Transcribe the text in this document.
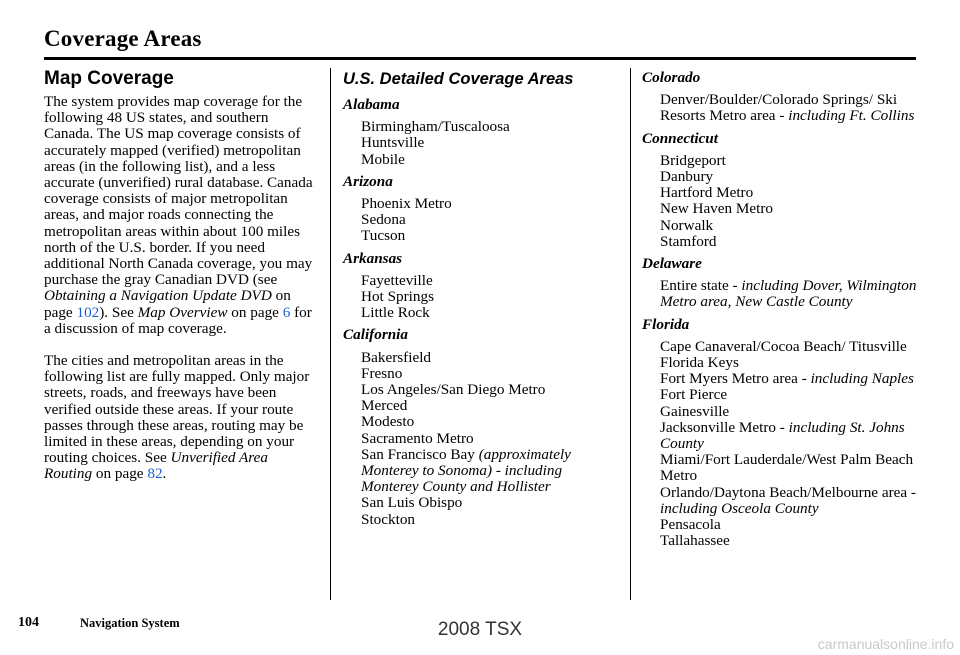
Coverage Areas
Map Coverage

The system provides map coverage for the following 48 US states, and southern Canada. The US map coverage consists of accurately mapped (verified) metropolitan areas (in the following list), and a less accurate (unverified) rural database. Canada coverage consists of major metropolitan areas, and major roads connecting the metropolitan areas within about 100 miles north of the U.S. border. If you need additional North Canada coverage, you may purchase the gray Canadian DVD (see Obtaining a Navigation Update DVD on page 102). See Map Overview on page 6 for a discussion of map coverage.

The cities and metropolitan areas in the following list are fully mapped. Only major streets, roads, and freeways have been verified outside these areas. If your route passes through these areas, routing may be limited in these areas, depending on your routing choices. See Unverified Area Routing on page 82.

U.S. Detailed Coverage Areas
Alabama
Birmingham/Tuscaloosa
Huntsville
Mobile
Arizona
Phoenix Metro
Sedona
Tucson
Arkansas
Fayetteville
Hot Springs
Little Rock
California
Bakersfield
Fresno
Los Angeles/San Diego Metro
Merced
Modesto
Sacramento Metro
San Francisco Bay (approximately Monterey to Sonoma) - including Monterey County and Hollister
San Luis Obispo
Stockton
Colorado
Denver/Boulder/Colorado Springs/ Ski Resorts Metro area - including Ft. Collins
Connecticut
Bridgeport
Danbury
Hartford Metro
New Haven Metro
Norwalk
Stamford
Delaware
Entire state - including Dover, Wilmington Metro area, New Castle County
Florida
Cape Canaveral/Cocoa Beach/ Titusville
Florida Keys
Fort Myers Metro area - including Naples
Fort Pierce
Gainesville
Jacksonville Metro - including St. Johns County
Miami/Fort Lauderdale/West Palm Beach Metro
Orlando/Daytona Beach/Melbourne area - including Osceola County
Pensacola
Tallahassee
104	Navigation System	2008 TSX
carmanualsonline.info
